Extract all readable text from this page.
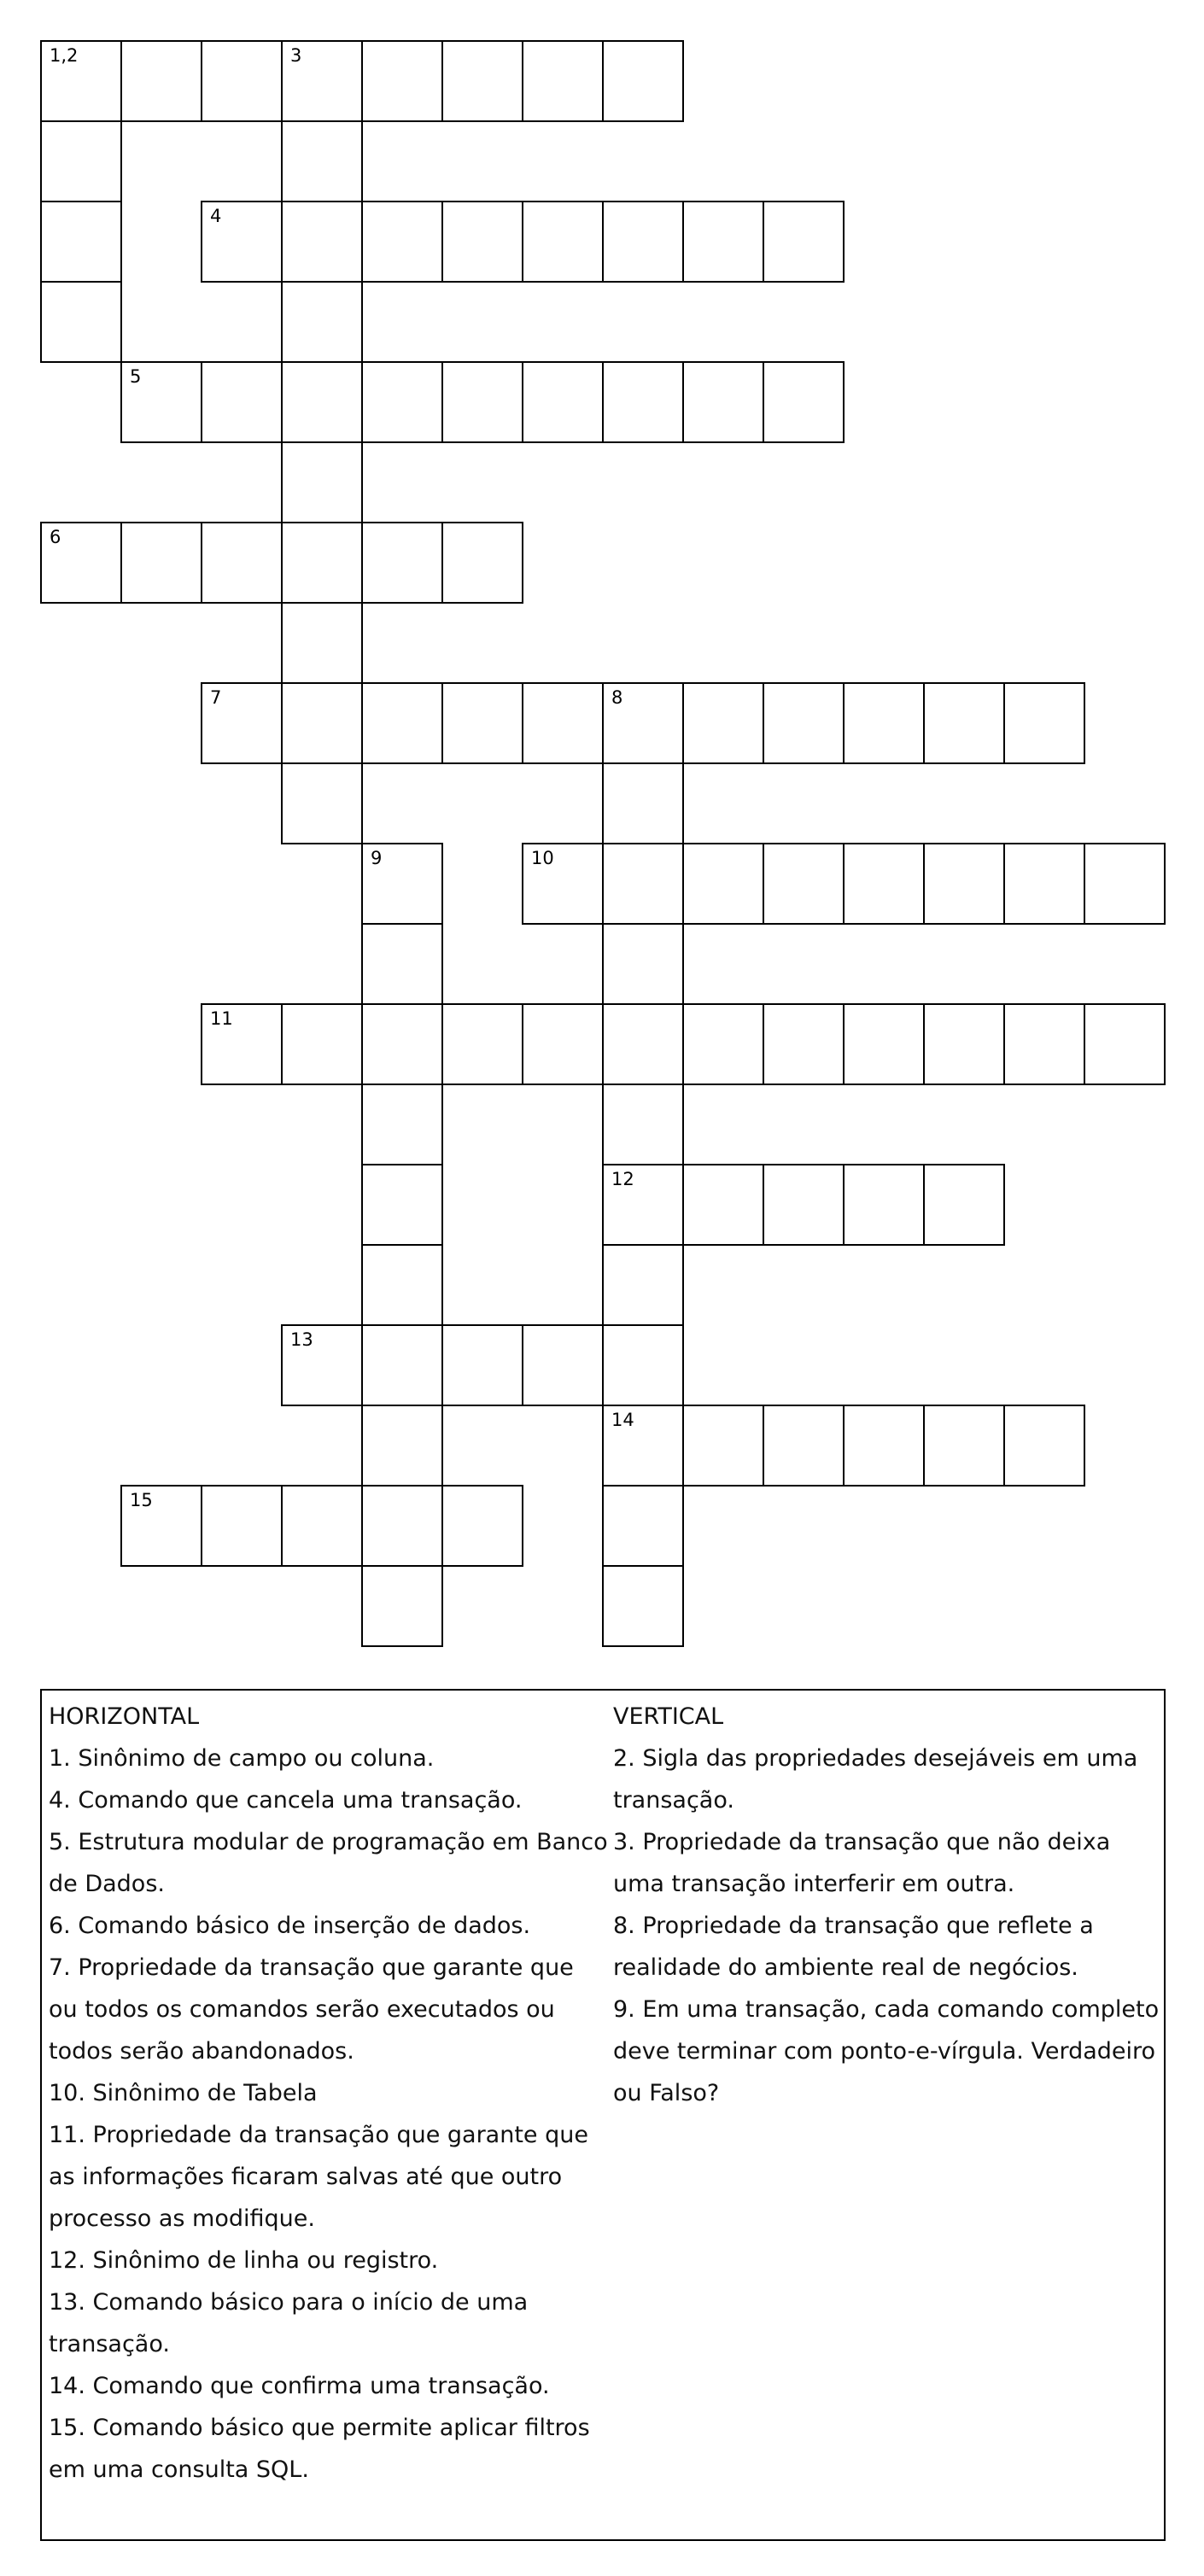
1,2	3
4
5
6
7	8
9	10
11
12
13
14
15

HORIZONTAL

1. Sinônimo de campo ou coluna.

4. Comando que cancela uma transação.

5. Estrutura modular de programação em Banco de Dados.

6. Comando básico de inserção de dados.

7. Propriedade da transação que garante que ou todos os comandos serão executados ou todos serão abandonados.

10. Sinônimo de Tabela

11. Propriedade da transação que garante que as informações ficaram salvas até que outro processo as modifique.

12. Sinônimo de linha ou registro.

13. Comando básico para o início de uma transação.

14. Comando que confirma uma transação.

15. Comando básico que permite aplicar filtros em uma consulta SQL.

VERTICAL

2. Sigla das propriedades desejáveis em uma transação.

3. Propriedade da transação que não deixa uma transação interferir em outra.

8. Propriedade da transação que reflete a realidade do ambiente real de negócios.

9. Em uma transação, cada comando completo deve terminar com ponto-e-vírgula. Verdadeiro ou Falso?
